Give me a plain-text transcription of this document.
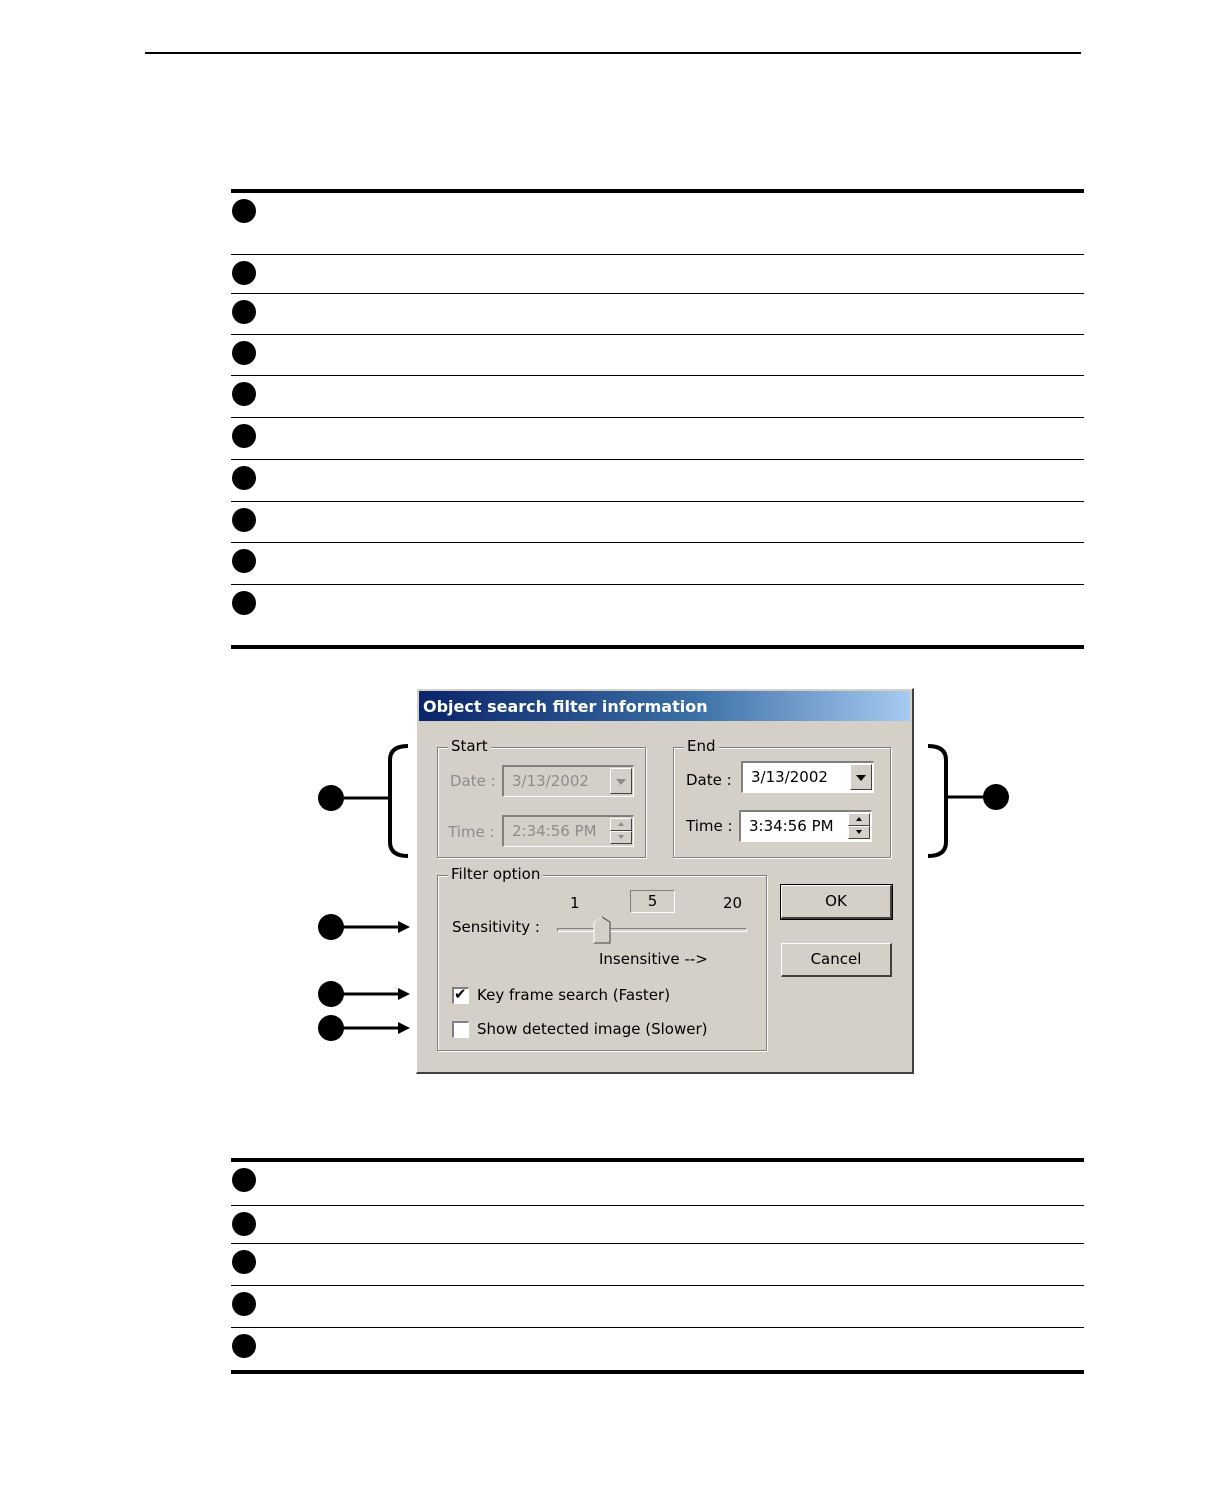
Object search filter information
Start
Date : 3/13/2002
Time : 2:34:56 PM
End
Date : 3/13/2002
Time : 3:34:56 PM
Filter option
1	5	20
Sensitivity :
Insensitive -->
✔ Key frame search (Faster)
Show detected image (Slower)
OK
Cancel
